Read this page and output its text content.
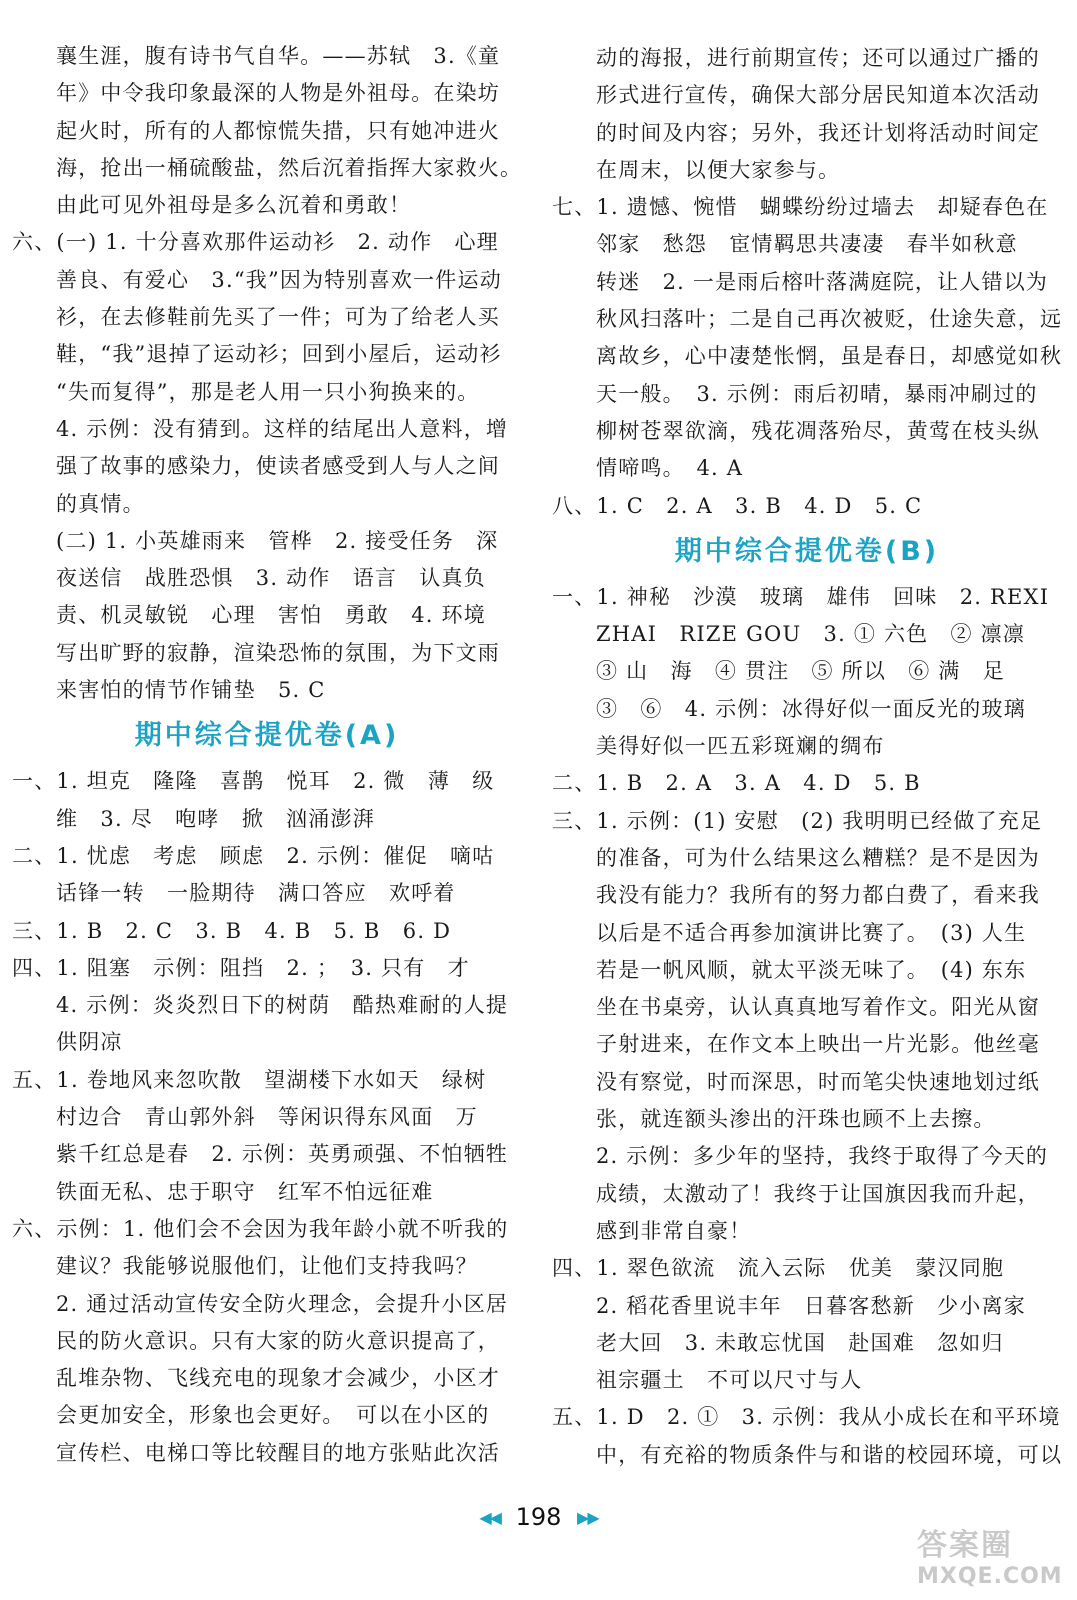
襄生涯，腹有诗书气自华。——苏轼　3.《童
年》中令我印象最深的人物是外祖母。在染坊
起火时，所有的人都惊慌失措，只有她冲进火
海，抢出一桶硫酸盐，然后沉着指挥大家救火。
由此可见外祖母是多么沉着和勇敢！
六、(一) 1. 十分喜欢那件运动衫　2. 动作　心理
善良、有爱心　3.“我”因为特别喜欢一件运动
衫，在去修鞋前先买了一件；可为了给老人买
鞋，“我”退掉了运动衫；回到小屋后，运动衫
“失而复得”，那是老人用一只小狗换来的。
4. 示例：没有猜到。这样的结尾出人意料，增
强了故事的感染力，使读者感受到人与人之间
的真情。
(二) 1. 小英雄雨来　管桦　2. 接受任务　深
夜送信　战胜恐惧　3. 动作　语言　认真负
责、机灵敏锐　心理　害怕　勇敢　4. 环境
写出旷野的寂静，渲染恐怖的氛围，为下文雨
来害怕的情节作铺垫　5. C
期中综合提优卷(A)
一、1. 坦克　隆隆　喜鹊　悦耳　2. 微　薄　级
维　3. 尽　咆哮　掀　汹涌澎湃
二、1. 忧虑　考虑　顾虑　2. 示例：催促　嘀咕
话锋一转　一脸期待　满口答应　欢呼着
三、1. B　2. C　3. B　4. B　5. B　6. D
四、1. 阻塞　示例：阻挡　2. ；　3. 只有　才
4. 示例：炎炎烈日下的树荫　酷热难耐的人提
供阴凉
五、1. 卷地风来忽吹散　望湖楼下水如天　绿树
村边合　青山郭外斜　等闲识得东风面　万
紫千红总是春　2. 示例：英勇顽强、不怕牺牲
铁面无私、忠于职守　红军不怕远征难
六、示例：1. 他们会不会因为我年龄小就不听我的
建议？我能够说服他们，让他们支持我吗？
2. 通过活动宣传安全防火理念，会提升小区居
民的防火意识。只有大家的防火意识提高了，
乱堆杂物、飞线充电的现象才会减少，小区才
会更加安全，形象也会更好。　可以在小区的
宣传栏、电梯口等比较醒目的地方张贴此次活
动的海报，进行前期宣传；还可以通过广播的
形式进行宣传，确保大部分居民知道本次活动
的时间及内容；另外，我还计划将活动时间定
在周末，以便大家参与。
七、1. 遗憾、惋惜　蝴蝶纷纷过墙去　却疑春色在
邻家　愁怨　宦情羁思共凄凄　春半如秋意
转迷　2. 一是雨后榕叶落满庭院，让人错以为
秋风扫落叶；二是自己再次被贬，仕途失意，远
离故乡，心中凄楚怅惘，虽是春日，却感觉如秋
天一般。　3. 示例：雨后初晴，暴雨冲刷过的
柳树苍翠欲滴，残花凋落殆尽，黄莺在枝头纵
情啼鸣。　4. A
八、1. C　2. A　3. B　4. D　5. C
期中综合提优卷(B)
一、1. 神秘　沙漠　玻璃　雄伟　回味　2. REXI
ZHAI　RIZE GOU　3. ① 六色　② 凛凛
③ 山　海　④ 贯注　⑤ 所以　⑥ 满　足
③　⑥　4. 示例：冰得好似一面反光的玻璃
美得好似一匹五彩斑斓的绸布
二、1. B　2. A　3. A　4. D　5. B
三、1. 示例：(1) 安慰　(2) 我明明已经做了充足
的准备，可为什么结果这么糟糕？是不是因为
我没有能力？我所有的努力都白费了，看来我
以后是不适合再参加演讲比赛了。　(3) 人生
若是一帆风顺，就太平淡无味了。　(4) 东东
坐在书桌旁，认认真真地写着作文。阳光从窗
子射进来，在作文本上映出一片光影。他丝毫
没有察觉，时而深思，时而笔尖快速地划过纸
张，就连额头渗出的汗珠也顾不上去擦。
2. 示例：多少年的坚持，我终于取得了今天的
成绩，太激动了！我终于让国旗因我而升起，
感到非常自豪！
四、1. 翠色欲流　流入云际　优美　蒙汉同胞
2. 稻花香里说丰年　日暮客愁新　少小离家
老大回　3. 未敢忘忧国　赴国难　忽如归
祖宗疆土　不可以尺寸与人
五、1. D　2. ①　3. 示例：我从小成长在和平环境
中，有充裕的物质条件与和谐的校园环境，可以
◀◀ 198 ▶▶
答案圈
MXQE.COM
